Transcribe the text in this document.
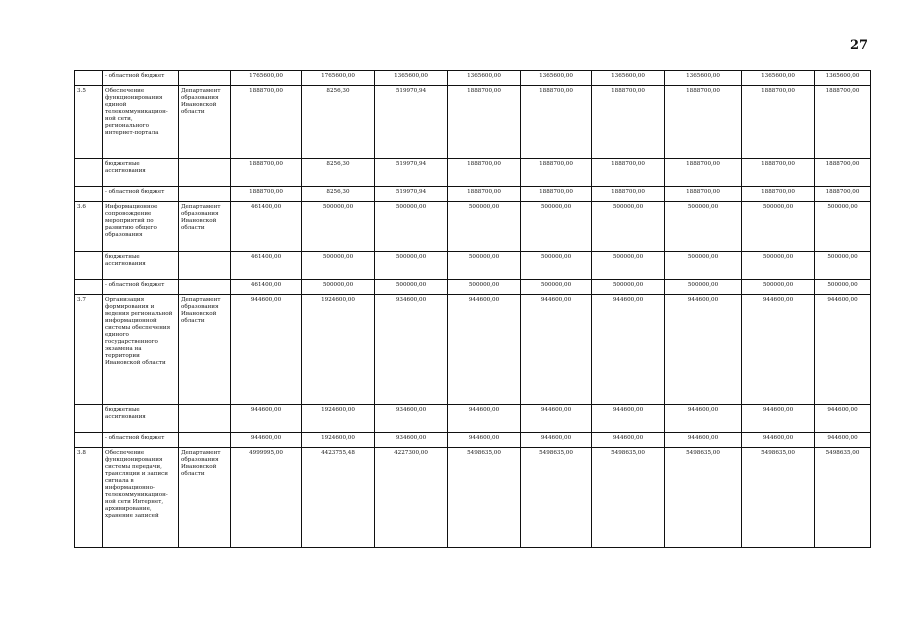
27
	- областной бюджет		1765600,00	1765600,00	1365600,00	1365600,00	1365600,00	1365600,00	1365600,00	1365600,00	1365600,00	
3.5	Обеспечение функционирования единой телекоммуникацион-ной сети, регионального интернет-портала	Департамент образования Ивановской области	1888700,00	8256,30	519970,94	1888700,00	1888700,00	1888700,00	1888700,00	1888700,00	1888700,00	
	бюджетные ассигнования		1888700,00	8256,30	519970,94	1888700,00	1888700,00	1888700,00	1888700,00	1888700,00	1888700,00	
	- областной бюджет		1888700,00	8256,30	519970,94	1888700,00	1888700,00	1888700,00	1888700,00	1888700,00	1888700,00	
3.6	Информационное сопровождение мероприятий по развитию общего образования	Департамент образования Ивановской области	461400,00	500000,00	500000,00	500000,00	500000,00	500000,00	500000,00	500000,00	500000,00	
	бюджетные ассигнования		461400,00	500000,00	500000,00	500000,00	500000,00	500000,00	500000,00	500000,00	500000,00	
	- областной бюджет		461400,00	500000,00	500000,00	500000,00	500000,00	500000,00	500000,00	500000,00	500000,00	
3.7	Организация формирования и ведения региональной информационной системы обеспечения единого государственного экзамена на территории Ивановской области	Департамент образования Ивановской области	944600,00	1924600,00	934600,00	944600,00	944600,00	944600,00	944600,00	944600,00	944600,00	
	бюджетные ассигнования		944600,00	1924600,00	934600,00	944600,00	944600,00	944600,00	944600,00	944600,00	944600,00	
	- областной бюджет		944600,00	1924600,00	934600,00	944600,00	944600,00	944600,00	944600,00	944600,00	944600,00	
3.8	Обеспечение функционирования системы передачи, трансляции и записи сигнала в информационно-телекоммуникацион-ной сети Интернет, архивирование, хранение записей	Департамент образования Ивановской области	4999995,00	4423755,48	4227300,00	5498635,00	5498635,00	5498635,00	5498635,00	5498635,00	5498635,00	
